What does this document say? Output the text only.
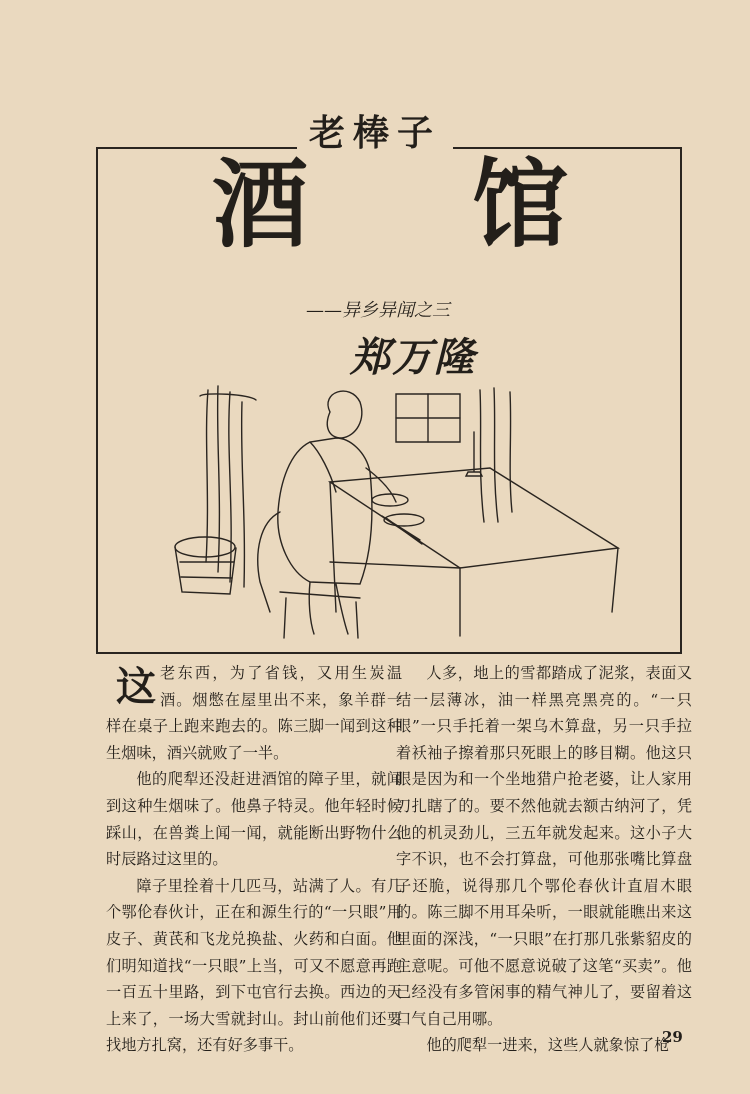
老棒子
酒 馆
——异乡异闻之三
郑万隆

这老东西，为了省钱，又用生炭温酒。烟憋在屋里出不来，象羊群一样在桌子上跑来跑去的。陈三脚一闻到这种生烟味，酒兴就败了一半。

他的爬犁还没赶进酒馆的障子里，就闻到这种生烟味了。他鼻子特灵。他年轻时候踩山，在兽粪上闻一闻，就能断出野物什么时辰路过这里的。

障子里拴着十几匹马，站满了人。有几个鄂伦春伙计，正在和源生行的“一只眼”用皮子、黄芪和飞龙兑换盐、火药和白面。他们明知道找“一只眼”上当，可又不愿意再跑一百五十里路，到下屯官行去换。西边的天上来了，一场大雪就封山。封山前他们还要找地方扎窝，还有好多事干。

人多，地上的雪都踏成了泥浆，表面又结一层薄冰，油一样黑亮黑亮的。“一只眼”一只手托着一架乌木算盘，另一只手拉着袄袖子擦着那只死眼上的眵目糊。他这只眼是因为和一个坐地猎户抢老婆，让人家用刀扎瞎了的。要不然他就去额古纳河了，凭他的机灵劲儿，三五年就发起来。这小子大字不识，也不会打算盘，可他那张嘴比算盘子还脆，说得那几个鄂伦春伙计直眉木眼的。陈三脚不用耳朵听，一眼就能瞧出来这里面的深浅，“一只眼”在打那几张紫貂皮的主意呢。可他不愿意说破了这笔“买卖”。他已经没有多管闲事的精气神儿了，要留着这口气自己用哪。

他的爬犁一进来，这些人就象惊了枪

29
